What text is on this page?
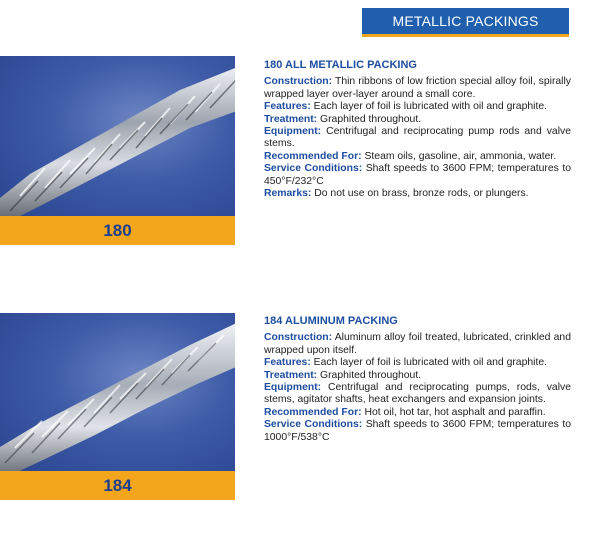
METALLIC PACKINGS
180
180 ALL METALLIC PACKING

Construction: Thin ribbons of low friction special alloy foil, spirally wrapped layer over-layer around a small core.

Features: Each layer of foil is lubricated with oil and graphite.

Treatment: Graphited throughout.

Equipment: Centrifugal and reciprocating pump rods and valve stems.

Recommended For: Steam oils, gasoline, air, ammonia, water.

Service Conditions: Shaft speeds to 3600 FPM; temperatures to 450°F/232°C

Remarks: Do not use on brass, bronze rods, or plungers.

184
184 ALUMINUM PACKING

Construction: Aluminum alloy foil treated, lubricated, crinkled and wrapped upon itself.

Features: Each layer of foil is lubricated with oil and graphite.

Treatment: Graphited throughout.

Equipment: Centrifugal and reciprocating pumps, rods, valve stems, agitator shafts, heat exchangers and expansion joints.

Recommended For: Hot oil, hot tar, hot asphalt and paraffin.

Service Conditions: Shaft speeds to 3600 FPM; temperatures to 1000°F/538°C
